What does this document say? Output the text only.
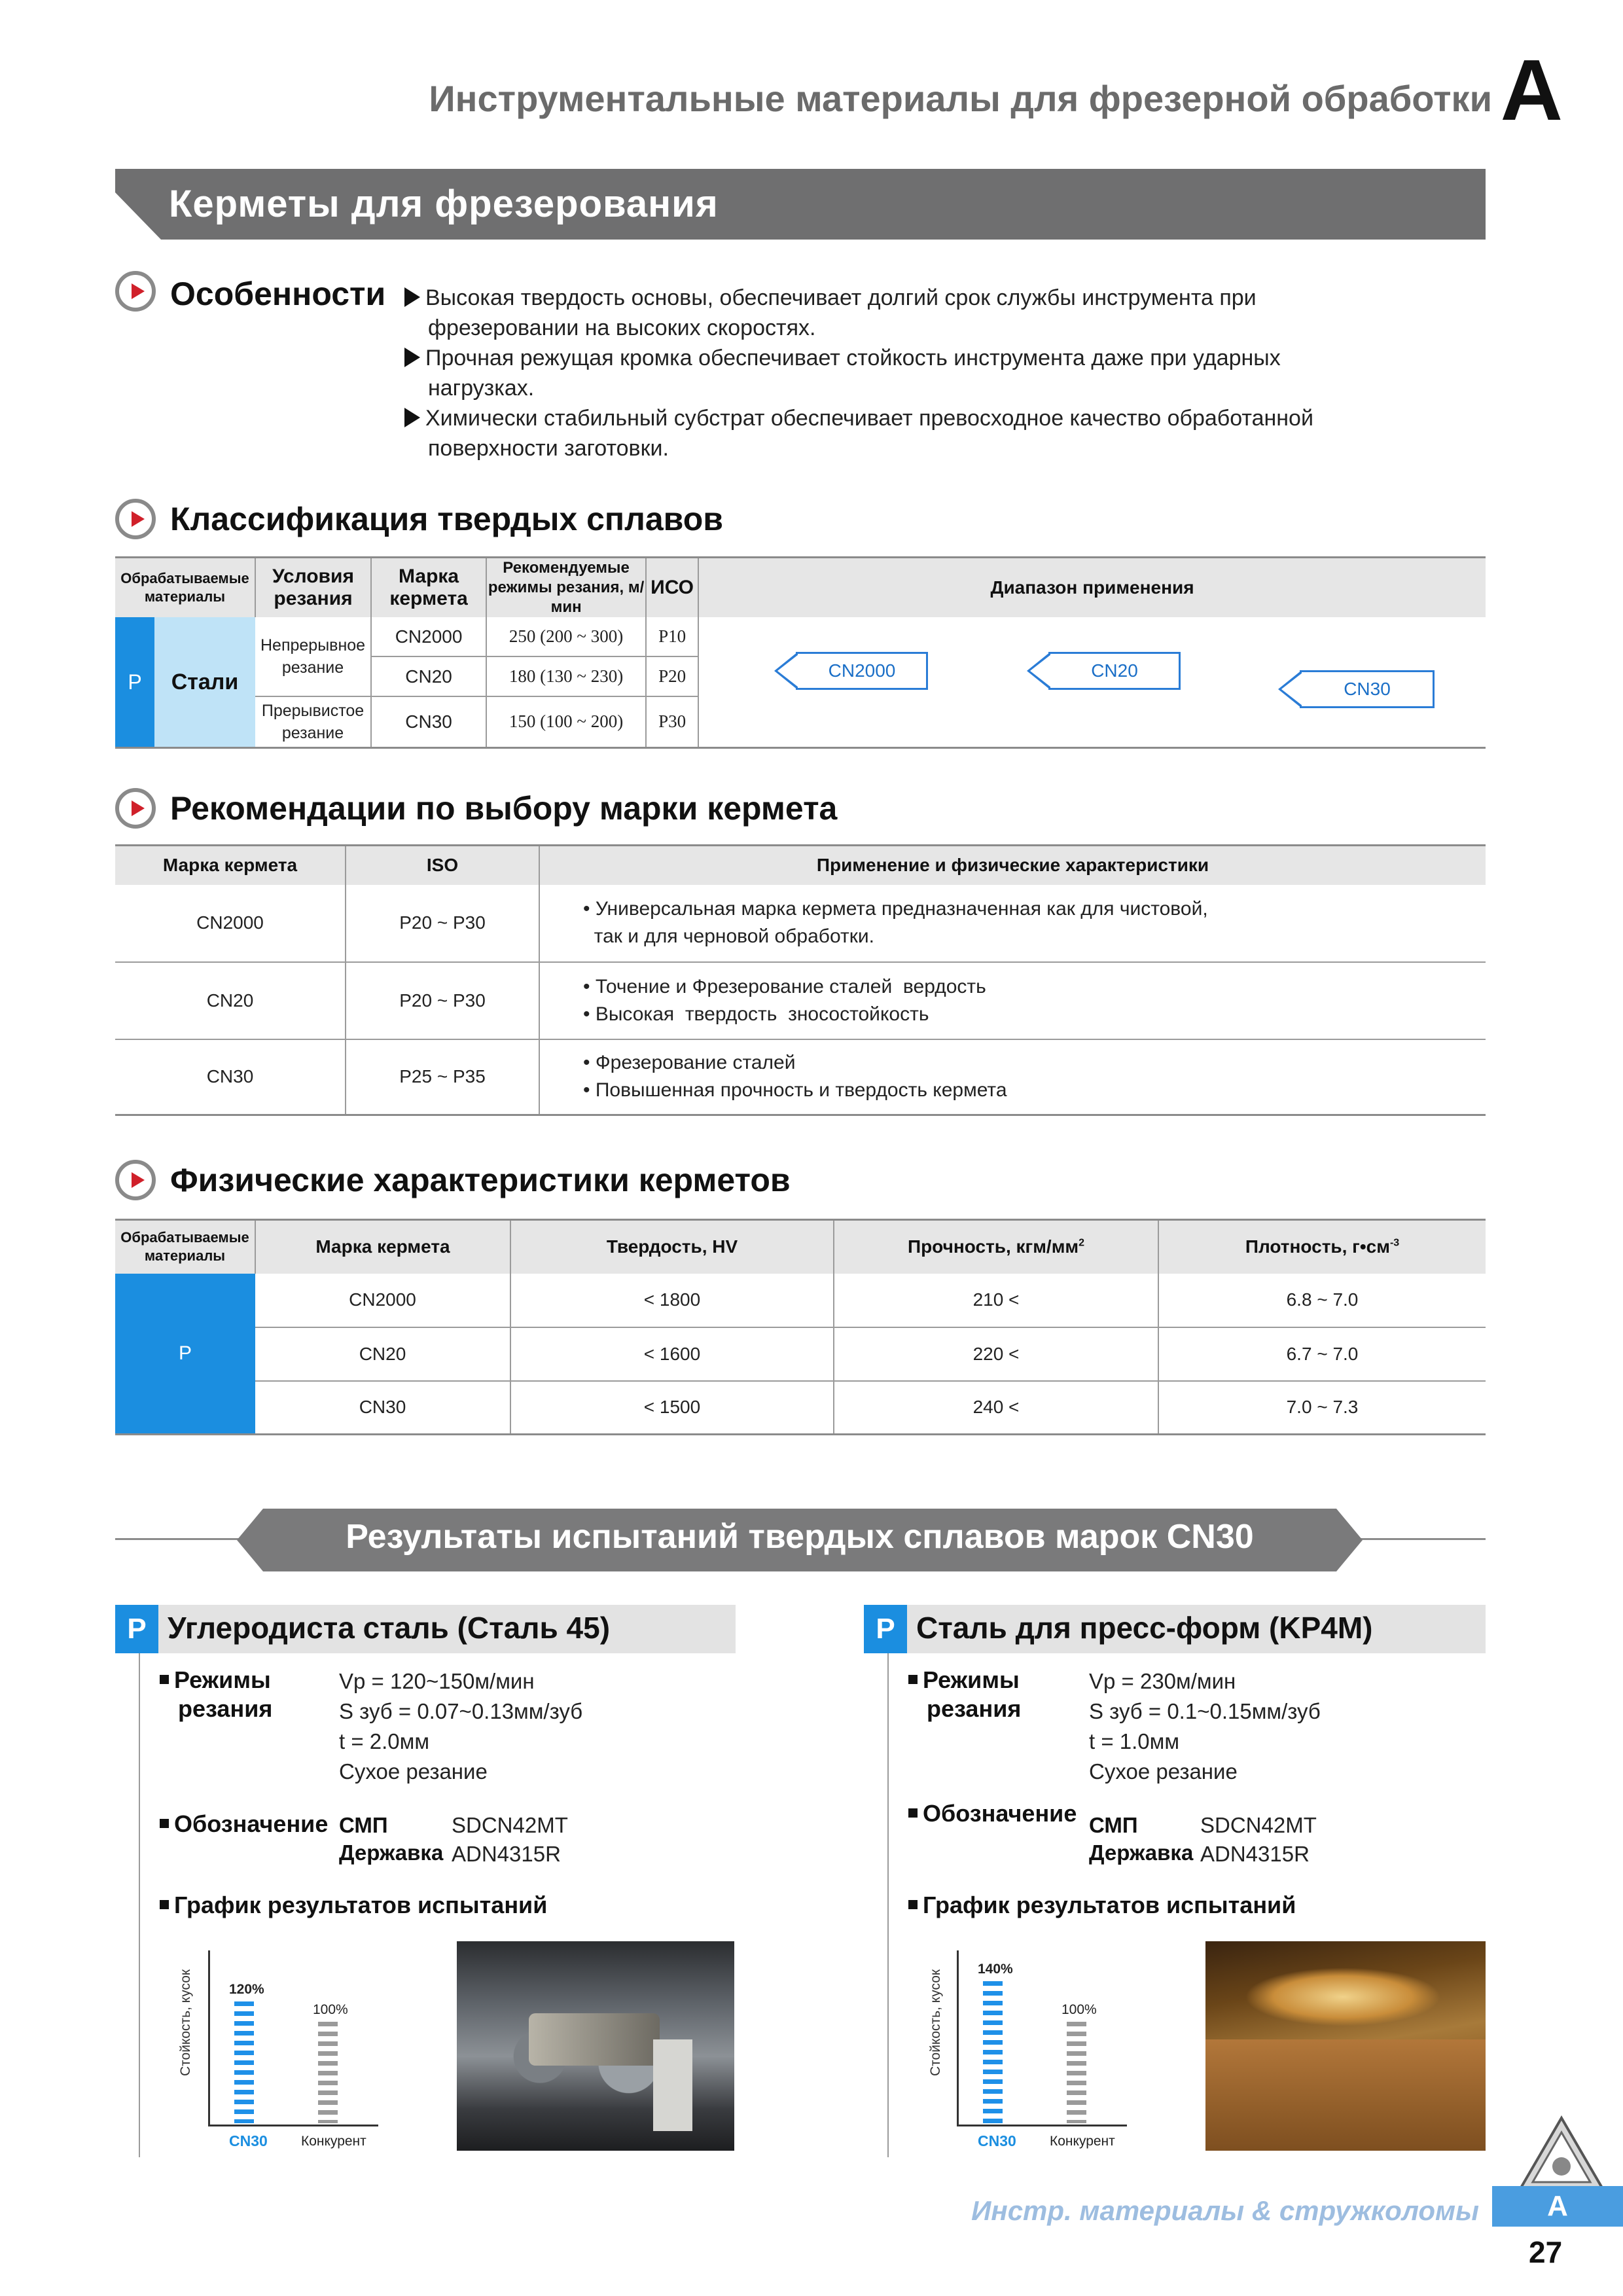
Инструментальные материалы для фрезерной обработки A
Керметы для фрезерования
Особенности	Высокая твердость основы, обеспечивает долгий срок службы инструмента при
фрезеровании на высоких скоростях.
Прочная режущая кромка обеспечивает стойкость инструмента даже при ударных
нагрузках.
Химически стабильный субстрат обеспечивает превосходное качество обработанной
поверхности заготовки.
Классификация твердых сплавов
Обрабатываемые материалы	Условия резания	Марка кермета	Рекомендуемые режимы резания, м/мин	ИСО	Диапазон применения

P Стали	Непрерывное резание	CN2000	250 (200 ~ 300)	P10	
		CN20	180 (130 ~ 230)	P20	
	Прерывистое резание	CN30	150 (100 ~ 200)	P30	
CN2000	CN20
CN30
Рекомендации по выбору марки кермета
Марка кермета	ISO	Применение и физические характеристики
CN2000	P20 ~ P30	• Универсальная марка кермета предназначенная как для чистовой,
так и для черновой обработки.

CN20	P20 ~ P30	• Точение и Фрезерование сталей  вердость
• Высокая  твердость  зносостойкость

CN30	P25 ~ P35	• Фрезерование сталей
• Повышенная прочность и твердость кермета
Физические характеристики керметов
Обрабатываемые материалы	Марка кермета	Твердость, HV	Прочность, кгм/$мм^2$	Плотность, $г•см^{-3}$
P	CN2000	< 1800	210 <	6.8 ~ 7.0
	CN20	< 1600	220 <	6.7 ~ 7.0
	CN30	< 1500	240 <	7.0 ~ 7.3
Результаты испытаний твердых сплавов марок CN30
P Углеродиста сталь (Сталь 45)
Режимы
резания
Vp = 120~150м/мин
S зуб = 0.07~0.13мм/зуб
t = 2.0мм
Сухое резание
Обозначение СМП	SDCN42MT
Державка ADN4315R
График результатов испытаний
Стойкость, кусок	120%
100%
CN30 Конкурент
P Сталь для пресс-форм (KP4M)
Режимы
резания
Vp = 230м/мин
S зуб = 0.1~0.15мм/зуб
t = 1.0мм
Сухое резание
Обозначение СМП	SDCN42MT
Державка ADN4315R
График результатов испытаний
Стойкость, кусок
140%
100%
CN30 Конкурент
Инстр. материалы & стружколомы	A
27
